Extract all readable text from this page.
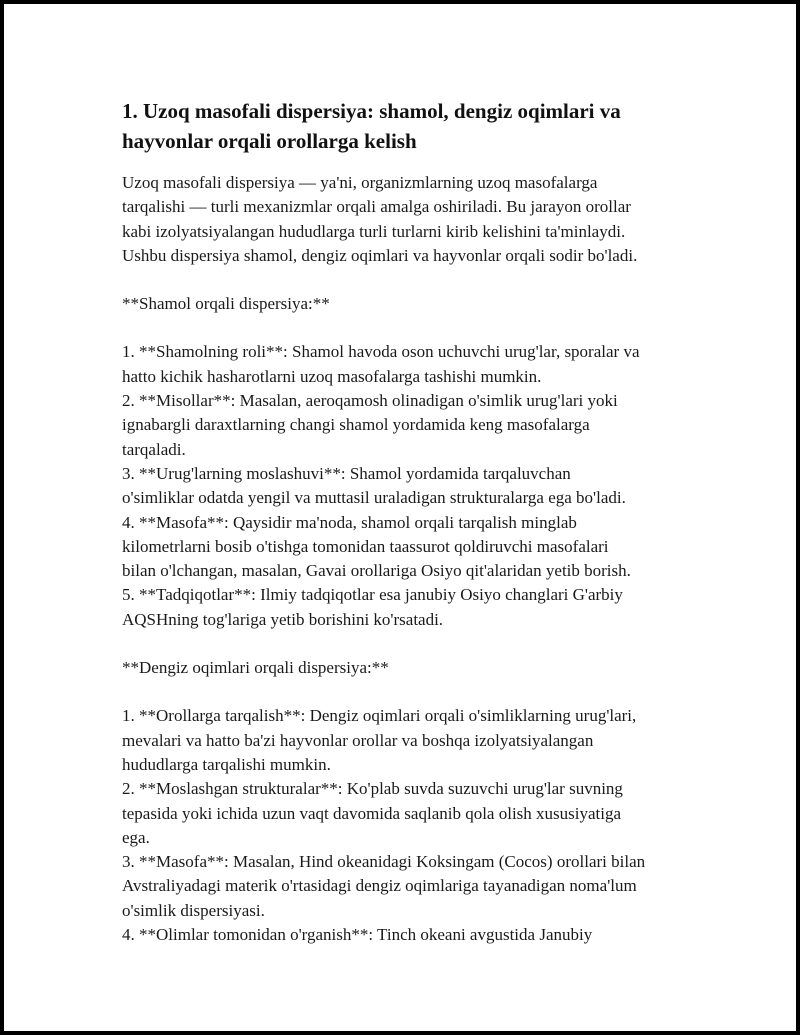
1. Uzoq masofali dispersiya: shamol, dengiz oqimlari va
hayvonlar orqali orollarga kelish

Uzoq masofali dispersiya — ya'ni, organizmlarning uzoq masofalarga
tarqalishi — turli mexanizmlar orqali amalga oshiriladi. Bu jarayon orollar
kabi izolyatsiyalangan hududlarga turli turlarni kirib kelishini ta'minlaydi.
Ushbu dispersiya shamol, dengiz oqimlari va hayvonlar orqali sodir bo'ladi.

**Shamol orqali dispersiya:**

1. **Shamolning roli**: Shamol havoda oson uchuvchi urug'lar, sporalar va
hatto kichik hasharotlarni uzoq masofalarga tashishi mumkin.
2. **Misollar**: Masalan, aeroqamosh olinadigan o'simlik urug'lari yoki
ignabargli daraxtlarning changi shamol yordamida keng masofalarga
tarqaladi.
3. **Urug'larning moslashuvi**: Shamol yordamida tarqaluvchan
o'simliklar odatda yengil va muttasil uraladigan strukturalarga ega bo'ladi.
4. **Masofa**: Qaysidir ma'noda, shamol orqali tarqalish minglab
kilometrlarni bosib o'tishga tomonidan taassurot qoldiruvchi masofalari
bilan o'lchangan, masalan, Gavai orollariga Osiyo qit'alaridan yetib borish.
5. **Tadqiqotlar**: Ilmiy tadqiqotlar esa janubiy Osiyo changlari G'arbiy
AQSHning tog'lariga yetib borishini ko'rsatadi.

**Dengiz oqimlari orqali dispersiya:**

1. **Orollarga tarqalish**: Dengiz oqimlari orqali o'simliklarning urug'lari,
mevalari va hatto ba'zi hayvonlar orollar va boshqa izolyatsiyalangan
hududlarga tarqalishi mumkin.
2. **Moslashgan strukturalar**: Ko'plab suvda suzuvchi urug'lar suvning
tepasida yoki ichida uzun vaqt davomida saqlanib qola olish xususiyatiga
ega.
3. **Masofa**: Masalan, Hind okeanidagi Koksingam (Cocos) orollari bilan
Avstraliyadagi materik o'rtasidagi dengiz oqimlariga tayanadigan noma'lum
o'simlik dispersiyasi.
4. **Olimlar tomonidan o'rganish**: Tinch okeani avgustida Janubiy
